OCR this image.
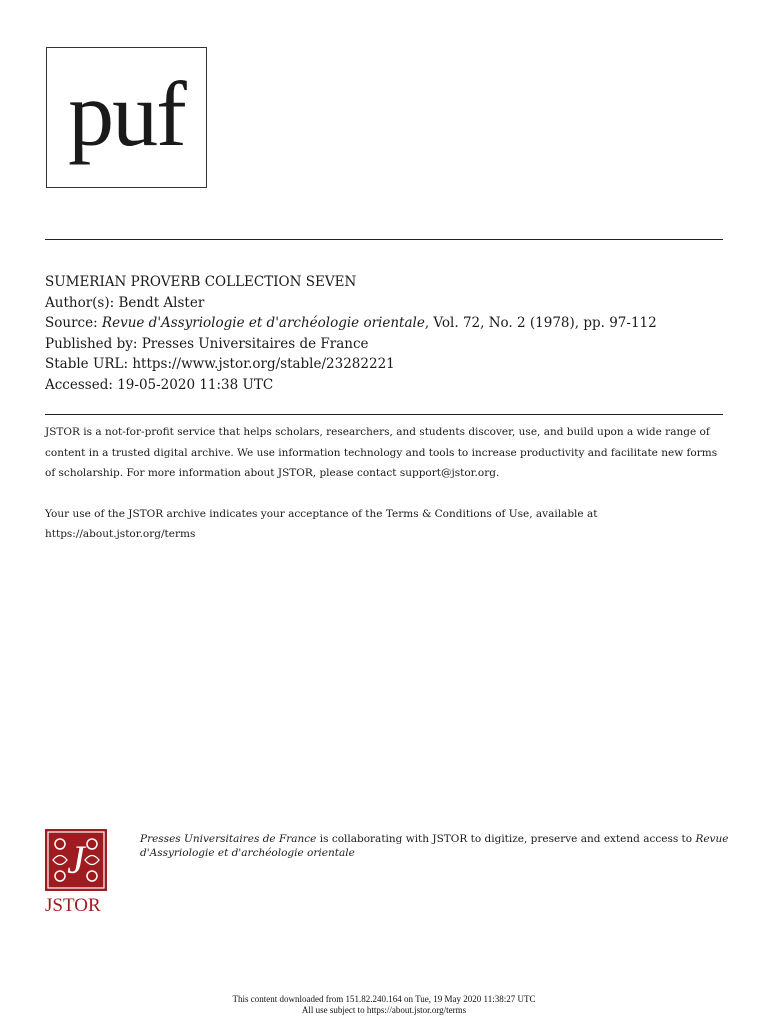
puf
SUMERIAN PROVERB COLLECTION SEVEN
Author(s): Bendt Alster
Source: Revue d'Assyriologie et d'archéologie orientale, Vol. 72, No. 2 (1978), pp. 97-112
Published by: Presses Universitaires de France
Stable URL: https://www.jstor.org/stable/23282221
Accessed: 19-05-2020 11:38 UTC

JSTOR is a not-for-profit service that helps scholars, researchers, and students discover, use, and build upon a wide range of content in a trusted digital archive. We use information technology and tools to increase productivity and facilitate new forms of scholarship. For more information about JSTOR, please contact support@jstor.org.

Your use of the JSTOR archive indicates your acceptance of the Terms & Conditions of Use, available at
https://about.jstor.org/terms

J
JSTOR
Presses Universitaires de France is collaborating with JSTOR to digitize, preserve and extend access to Revue d'Assyriologie et d'archéologie orientale
This content downloaded from 151.82.240.164 on Tue, 19 May 2020 11:38:27 UTC
All use subject to https://about.jstor.org/terms
